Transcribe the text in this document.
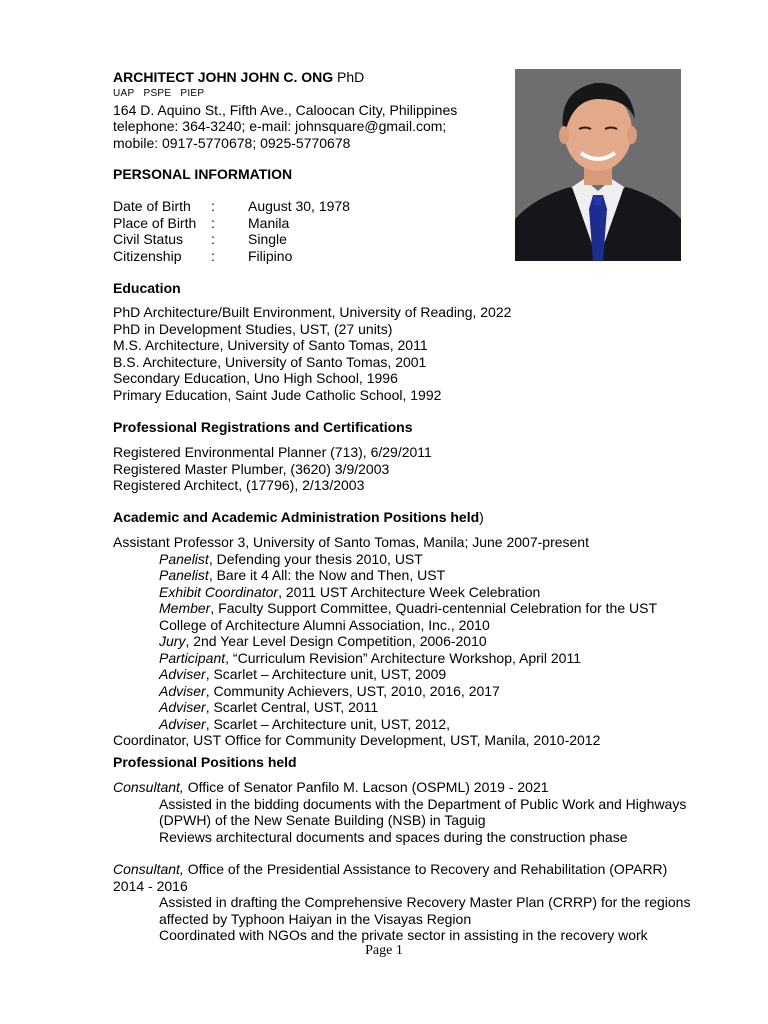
ARCHITECT JOHN JOHN C. ONG PhD
UAP PSPE PIEP
164 D. Aquino St., Fifth Ave., Caloocan City, Philippines
telephone: 364-3240; e-mail: johnsquare@gmail.com;
mobile: 0917-5770678; 0925-5770678
PERSONAL INFORMATION
Date of Birth	:	August 30, 1978
Place of Birth	:	Manila
Civil Status	:	Single
Citizenship	:	Filipino
Education
PhD Architecture/Built Environment, University of Reading, 2022
PhD in Development Studies, UST, (27 units)
M.S. Architecture, University of Santo Tomas, 2011
B.S. Architecture, University of Santo Tomas, 2001
Secondary Education, Uno High School, 1996
Primary Education, Saint Jude Catholic School, 1992
Professional Registrations and Certifications
Registered Environmental Planner (713), 6/29/2011
Registered Master Plumber, (3620) 3/9/2003
Registered Architect, (17796), 2/13/2003
Academic and Academic Administration Positions held)
Assistant Professor 3, University of Santo Tomas, Manila; June 2007-present
Panelist, Defending your thesis 2010, UST
Panelist, Bare it 4 All: the Now and Then, UST
Exhibit Coordinator, 2011 UST Architecture Week Celebration
Member, Faculty Support Committee, Quadri-centennial Celebration for the UST
College of Architecture Alumni Association, Inc., 2010
Jury, 2nd Year Level Design Competition, 2006-2010
Participant, “Curriculum Revision” Architecture Workshop, April 2011
Adviser, Scarlet – Architecture unit, UST, 2009
Adviser, Community Achievers, UST, 2010, 2016, 2017
Adviser, Scarlet Central, UST, 2011
Adviser, Scarlet – Architecture unit, UST, 2012,
Coordinator, UST Office for Community Development, UST, Manila, 2010-2012
Professional Positions held
Consultant, Office of Senator Panfilo M. Lacson (OSPML) 2019 - 2021
Assisted in the bidding documents with the Department of Public Work and Highways
(DPWH) of the New Senate Building (NSB) in Taguig
Reviews architectural documents and spaces during the construction phase
Consultant, Office of the Presidential Assistance to Recovery and Rehabilitation (OPARR)
2014 - 2016
Assisted in drafting the Comprehensive Recovery Master Plan (CRRP) for the regions
affected by Typhoon Haiyan in the Visayas Region
Coordinated with NGOs and the private sector in assisting in the recovery work
Page 1
